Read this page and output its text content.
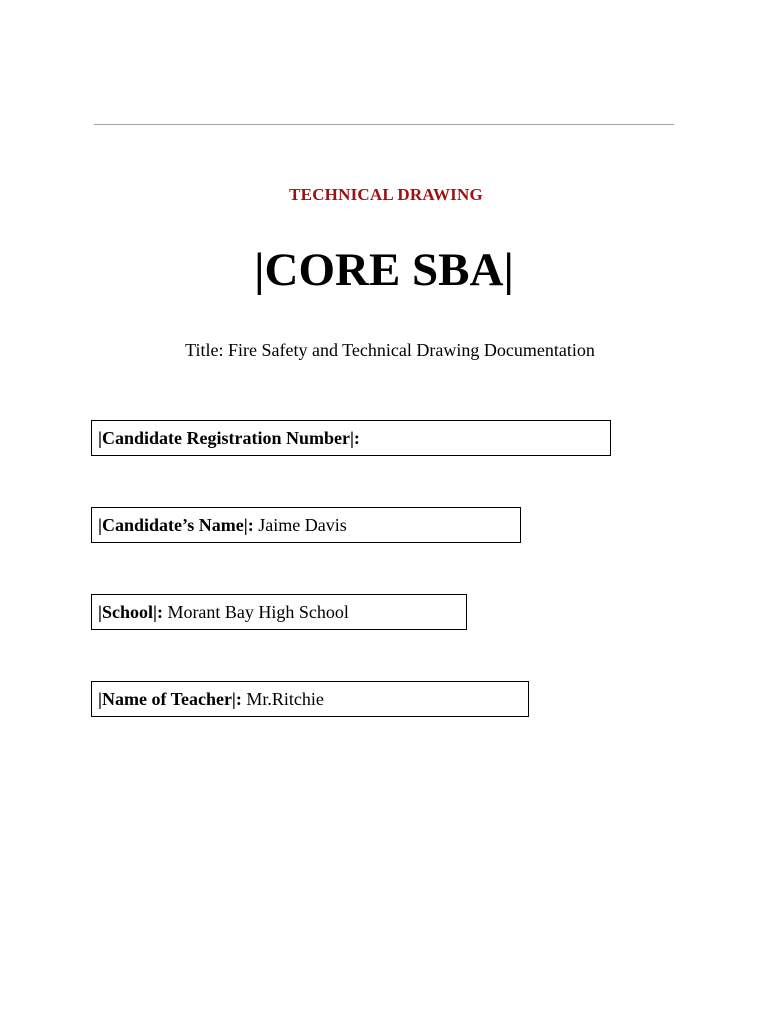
TECHNICAL DRAWING
|CORE SBA|
Title: Fire Safety and Technical Drawing Documentation
|Candidate Registration Number|:
|Candidate’s Name|: Jaime Davis
|School|: Morant Bay High School
|Name of Teacher|: Mr.Ritchie
